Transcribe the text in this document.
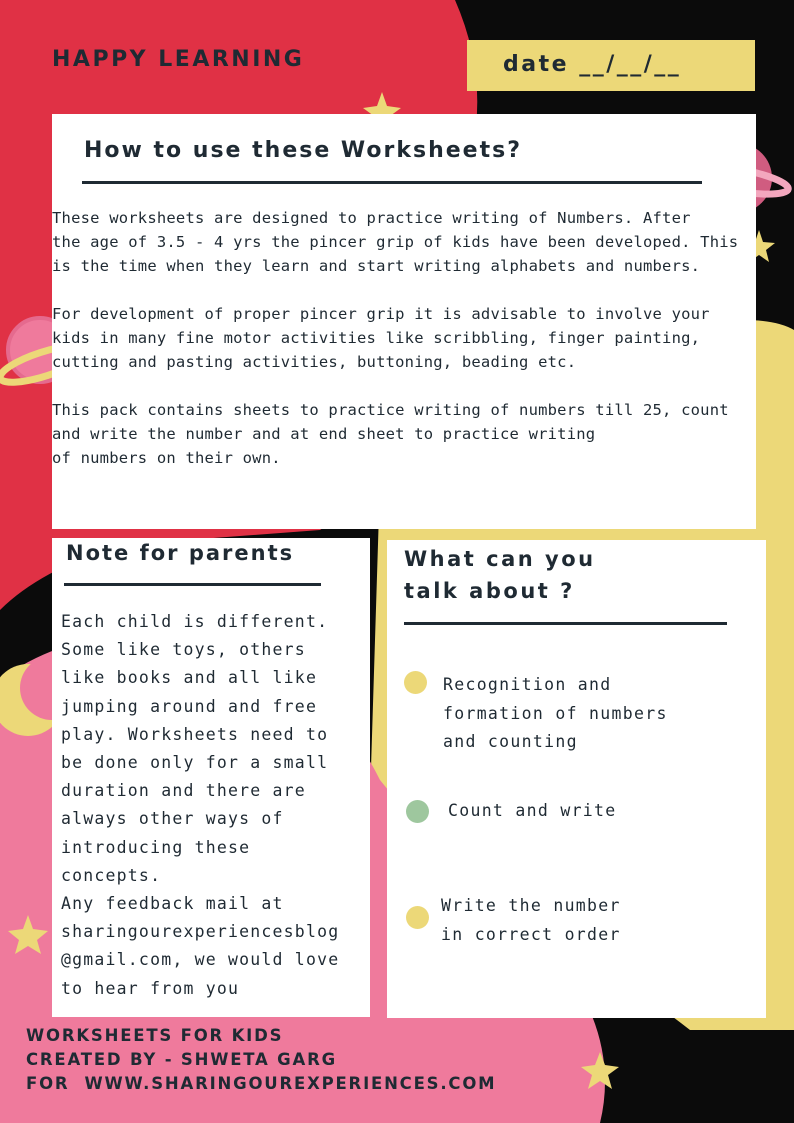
HAPPY LEARNING	date __/__/__
How to use these Worksheets?
These worksheets are designed to practice writing of Numbers. After
the age of 3.5 - 4 yrs the pincer grip of kids have been developed. This
is the time when they learn and start writing alphabets and numbers.
For development of proper pincer grip it is advisable to involve your
kids in many fine motor activities like scribbling, finger painting,
cutting and pasting activities, buttoning, beading etc.
This pack contains sheets to practice writing of numbers till 25, count
and write the number and at end sheet to practice writing
of numbers on their own.
Note for parents
Each child is different.
Some like toys, others
like books and all like
jumping around and free
play. Worksheets need to
be done only for a small
duration and there are
always other ways of
introducing these
concepts.
Any feedback mail at
sharingourexperiencesblog
@gmail.com, we would love
to hear from you
What can you
talk about ?
Recognition and
formation of numbers
and counting
Count and write
Write the number
in correct order
WORKSHEETS FOR KIDS
CREATED BY - SHWETA GARG
FOR  WWW.SHARINGOUREXPERIENCES.COM
